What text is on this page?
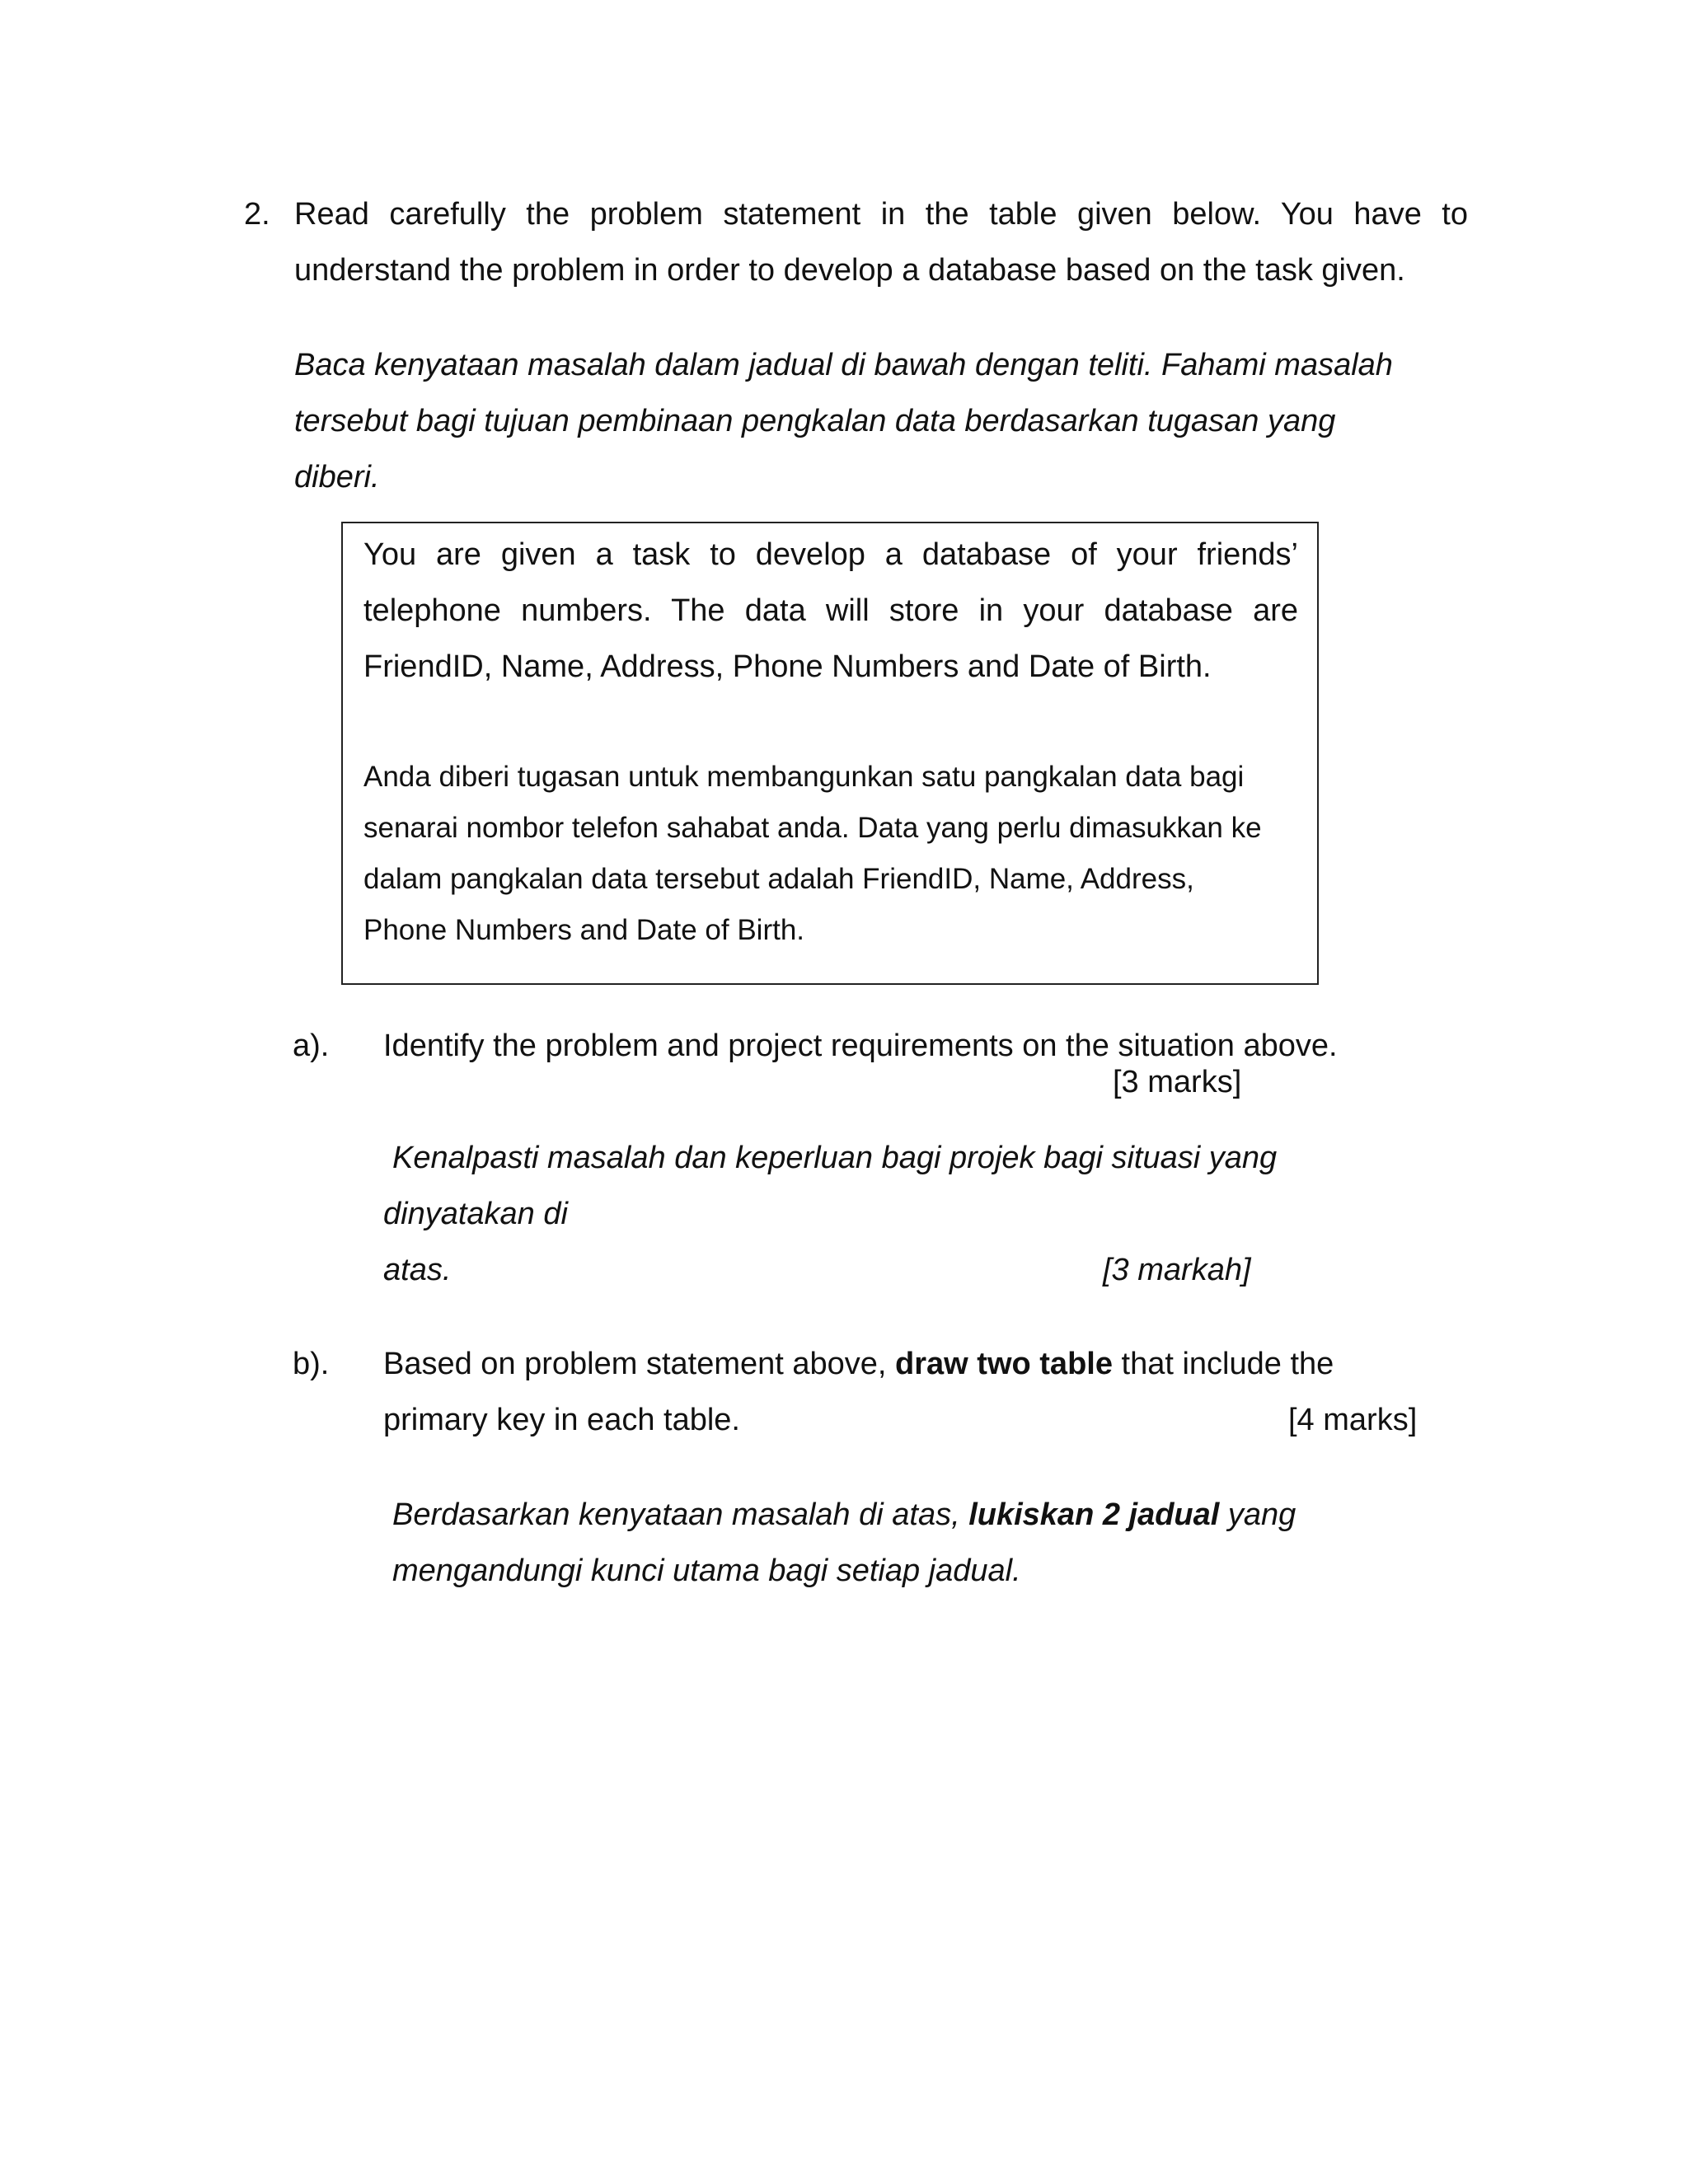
2. Read carefully the problem statement in the table given below. You have to
understand the problem in order to develop a database based on the task given.
Baca kenyataan masalah dalam jadual di bawah dengan teliti. Fahami masalah
tersebut bagi tujuan pembinaan pengkalan data berdasarkan tugasan yang
diberi.
You are given a task to develop a database of your friends’
telephone numbers. The data will store in your database are
FriendID, Name, Address, Phone Numbers and Date of Birth.
Anda diberi tugasan untuk membangunkan satu pangkalan data bagi
senarai nombor telefon sahabat anda. Data yang perlu dimasukkan ke
dalam pangkalan data tersebut adalah FriendID, Name, Address,
Phone Numbers and Date of Birth.
a). Identify the problem and project requirements on the situation above.
[3 marks]
Kenalpasti masalah dan keperluan bagi projek bagi situasi yang
dinyatakan di
atas.	[3 markah]
b). Based on problem statement above, draw two table that include the
primary key in each table.	[4 marks]
Berdasarkan kenyataan masalah di atas, lukiskan 2 jadual yang
mengandungi kunci utama bagi setiap jadual.
